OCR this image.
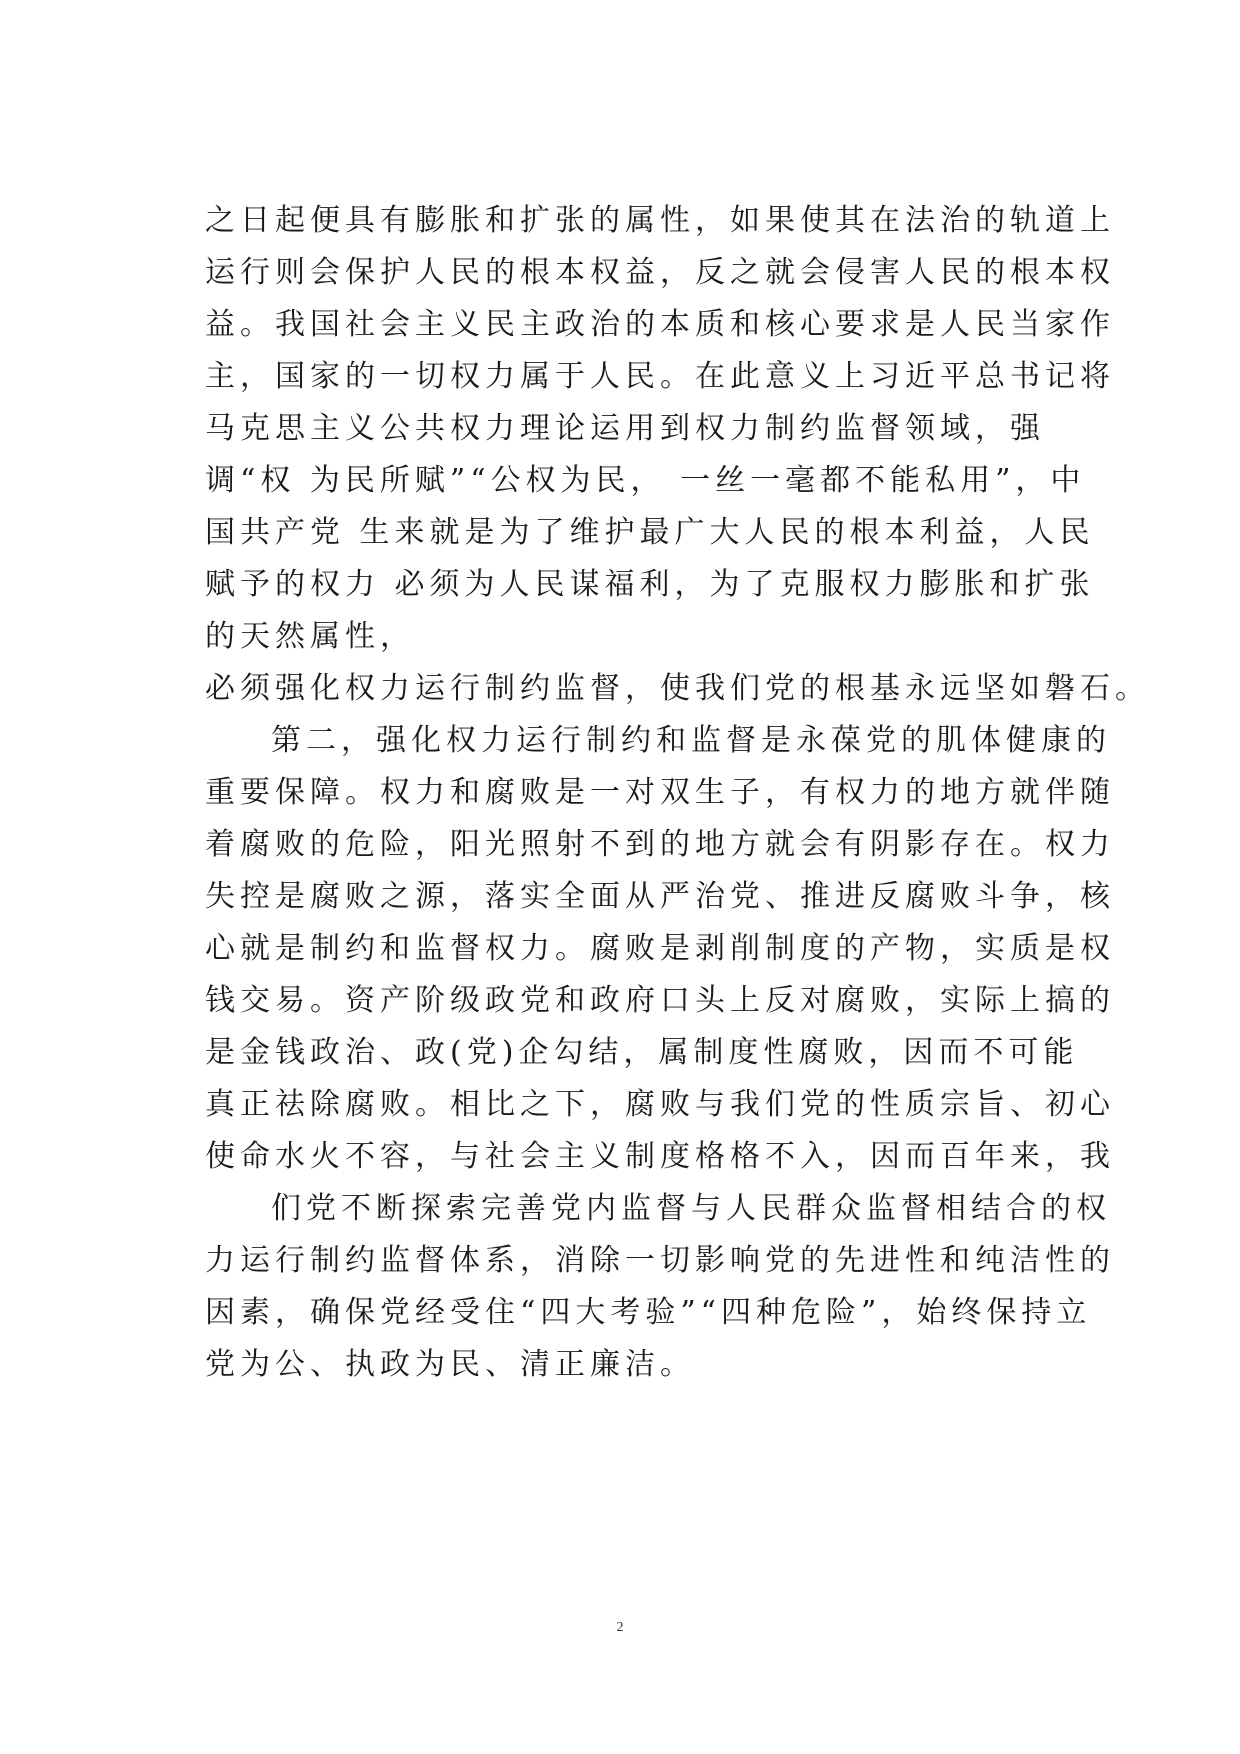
之日起便具有膨胀和扩张的属性，如果使其在法治的轨道上
运行则会保护人民的根本权益，反之就会侵害人民的根本权
益。我国社会主义民主政治的本质和核心要求是人民当家作
主，国家的一切权力属于人民。在此意义上习近平总书记将
马克思主义公共权力理论运用到权力制约监督领域，强
调“权 为民所赋”“公权为民， 一丝一毫都不能私用”，中
国共产党 生来就是为了维护最广大人民的根本利益，人民
赋予的权力 必须为人民谋福利，为了克服权力膨胀和扩张
的天然属性，
必须强化权力运行制约监督，使我们党的根基永远坚如磐石。
第二，强化权力运行制约和监督是永葆党的肌体健康的
重要保障。权力和腐败是一对双生子，有权力的地方就伴随
着腐败的危险，阳光照射不到的地方就会有阴影存在。权力
失控是腐败之源，落实全面从严治党、推进反腐败斗争，核
心就是制约和监督权力。腐败是剥削制度的产物，实质是权
钱交易。资产阶级政党和政府口头上反对腐败，实际上搞的
是金钱政治、政(党)企勾结，属制度性腐败，因而不可能
真正祛除腐败。相比之下，腐败与我们党的性质宗旨、初心
使命水火不容，与社会主义制度格格不入，因而百年来，我
们党不断探索完善党内监督与人民群众监督相结合的权
力运行制约监督体系，消除一切影响党的先进性和纯洁性的
因素，确保党经受住“四大考验”“四种危险”，始终保持立
党为公、执政为民、清正廉洁。
2
